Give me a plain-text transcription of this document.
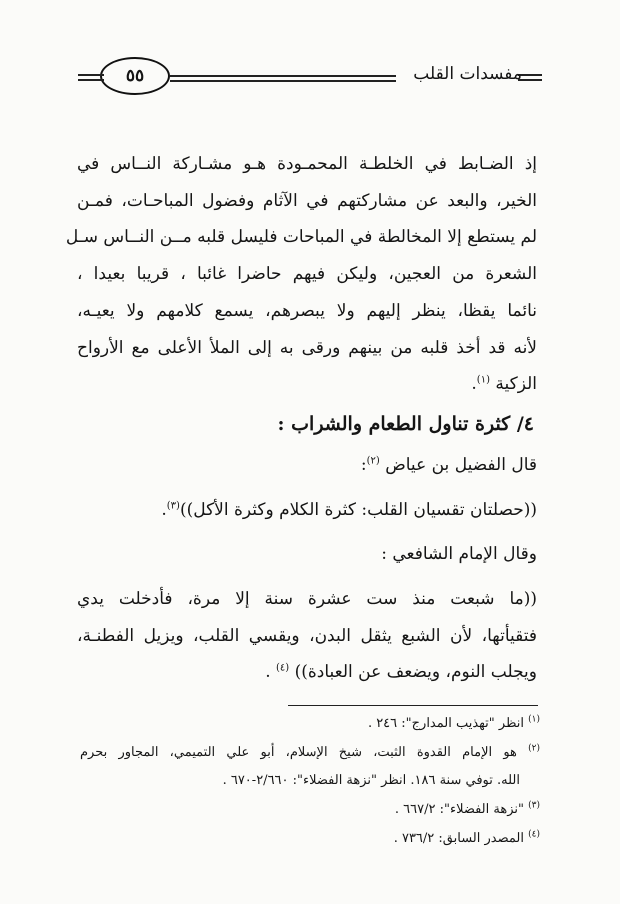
مفسدات القلب
٥٥
إذ الضـابط في الخلطـة المحمـودة هـو مشـاركة النــاس في
الخير، والبعد عن مشاركتهم في الآثام وفضول المباحـات، فمـن
لم يستطع إلا المخالطة في المباحات فليسل قلبه مــن النــاس سـل
الشعرة من العجين، وليكن فيهم حاضرا غائبا ، قريبا بعيدا ،
نائما يقظا، ينظر إليهم ولا يبصرهم، يسمع كلامهم ولا يعيـه،
لأنه قد أخذ قلبه من بينهم ورقى به إلى الملأ الأعلى مع الأرواح
الزكية $^{(١)}$.
٤/ كثرة تناول الطعام والشراب :
قال الفضيل بن عياض $^{(٢)}$:
((حصلتان تقسيان القلب: كثرة الكلام وكثرة الأكل))$^{(٣)}$.
وقال الإمام الشافعي :
((ما شبعت منذ ست عشرة سنة إلا مرة، فأدخلت يدي
فتقيأتها، لأن الشبع يثقل البدن، ويقسي القلب، ويزيل الفطنـة،
ويجلب النوم، ويضعف عن العبادة)) $^{(٤)}$ .
$^{(١)}$ انظر "تهذيب المدارج": ٢٤٦ .
$^{(٢)}$ هو الإمام القدوة الثبت، شيخ الإسلام، أبو علي التميمي، المجاور بحرم
الله. توفي سنة ١٨٦. انظر "نزهة الفضلاء": ٢/٦٦٠-٦٧٠ .
$^{(٣)}$ "نزهة الفضلاء": ٦٦٧/٢ .
$^{(٤)}$ المصدر السابق: ٧٣٦/٢ .
